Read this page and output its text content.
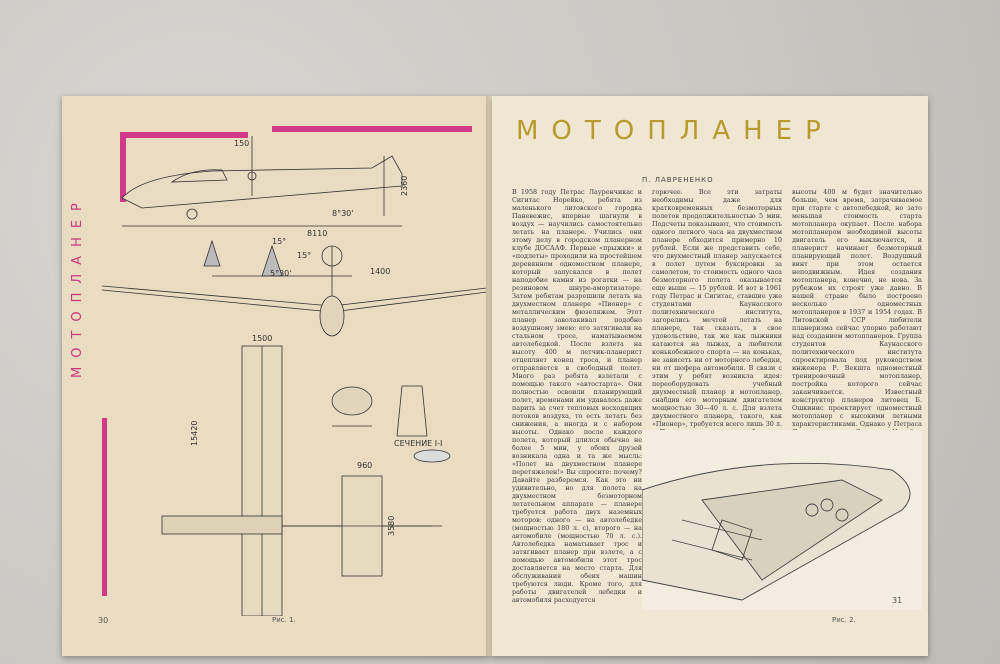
МОТОПЛАНЕР
150
2360
8°30'
8110
15°
15°
5°30'	1400
1500
15420
960
3580
СЕЧЕНИЕ I-I
Рис. 1.
30
МОТОПЛАНЕР
П. ЛАВРЕНЕНКО
В 1958 году Петрас Лауренчикас и Сигитас Норейко, ребята из маленького литовского городка Паневежис, впервые шагнули в воздух — научились самостоятельно летать на планере. Учились они этому делу в городском планерном клубе ДОСААФ. Первые «прыжки» и «подлеты» проходили на простейшем деревянном одноместном планере, который запускался в полет наподобие камня из рогатки — на резиновом шнуре-амортизаторе. Затем ребятам разрешили летать на двухместном планере «Пионер» с металлическим фюзеляжем. Этот планер заволакивал подобно воздушному змею: его затягивали на стальном тросе, наматываемом автолебедкой. После взлета на высоту 400 м летчик-планерист отцепляет конец троса, и планер отправляется в свободный полет. Много раз ребята взлетали с помощью такого «автостарта». Они полностью освоили планирующий полет, временами им удавалось даже парить за счет тепловых восходящих потоков воздуха, то есть летать без снижения, а иногда и с набором высоты. Однако после каждого полета, который длился обычно не более 5 мин, у обоих друзей возникала одна и та же мысль: «Полет на двухместном планере перетяжелен!» Вы спросите: почему? Давайте разберемся. Как это ни удивительно, но для полета на двухместном безмоторном летательном аппарате — планере требуется работа двух наземных моторов: одного — на автолебедке (мощностью 180 л. с), второго — на автомобиле (мощностью 70 л. с.). Автолебедка наматывает трос и затягивает планер при взлете, а с помощью автомобиля этот трос доставляется на место старта. Для обслуживания обеих машин требуются люди. Кроме того, для работы двигателей лебедки и автомобиля расходуется
горючее. Все эти затраты необходимы даже для кратковременных безмоторных полетов продолжительностью 5 мин. Подсчеты показывают, что стоимость одного летного часа на двухместном планере обходится примерно 10 рублей. Если же представить себе, что двухместный планер запускается в полет путем буксировки за самолетом, то стоимость одного часа безмоторного полета оказывается еще выше — 15 рублей. И вот в 1961 году Петрас и Сигитас, ставшие уже студентами Каунасского политехнического института, загорелись мечтой летать на планере, так сказать, в свое удовольствие, так же как лыжники катаются на лыжах, а любители конькобежного спорта — на коньках, не зависеть ни от моторного лебедки, ни от шофера автомобиля. В связи с этим у ребят возникла идея: переоборудовать учебный двухместный планер в мотопланер, снабдив его моторным двигателем мощностью 30—40 л. с. Для взлета двухместного планера, такого, как «Пионер», требуется всего лишь 30 л.
высоты 400 м будет значительно больше, чем время, затрачиваемое при старте с автолебедкой, но зато меньшая стоимость старта мотопланера окупает. После набора мотопланером необходимой высоты двигатель его выключается, и планерист начинает безмоторный планирующий полет. Воздушный винт при этом остается неподвижным. Идея создания мотопланера, конечно, не нова. За рубежом их строят уже давно. В нашей стране было построено несколько одноместных мотопланеров в 1937 и 1954 годах. В Литовской ССР любители планеризма сейчас упорно работают над созданием мотопланеров. Группа студентов Каунасского политехнического института спроектировала под руководством инженера Р. Векшта одноместный тренировочный мотопланер, постройка которого сейчас заканчивается. Известный конструктор планеров литовец Б. Ошкинис проектирует одноместный мотопланер с высокими летными характеристиками. Однако у Петраса
Рис. 2.
31
